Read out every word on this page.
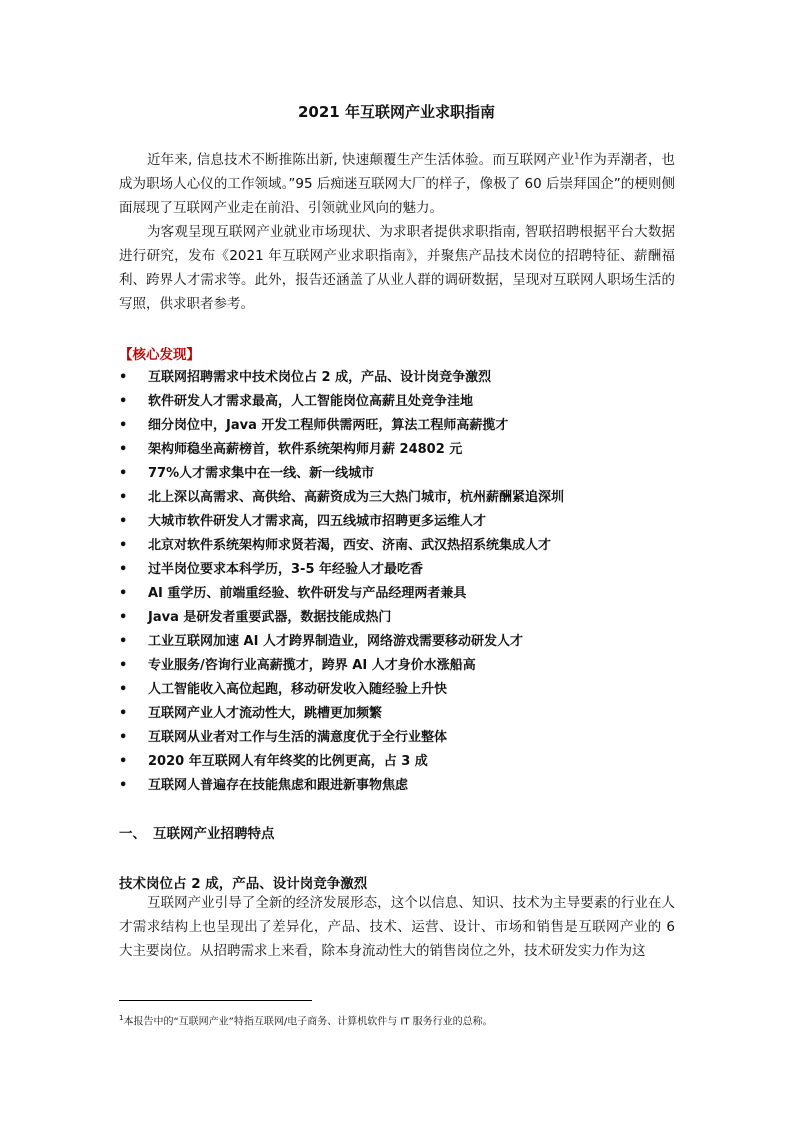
2021 年互联网产业求职指南

近年来, 信息技术不断推陈出新, 快速颠覆生产生活体验。而互联网产业$^1$作为弄潮者，也成为职场人心仪的工作领域。”95 后痴迷互联网大厂的样子，像极了 60 后崇拜国企”的梗则侧面展现了互联网产业走在前沿、引领就业风向的魅力。

为客观呈现互联网产业就业市场现状、为求职者提供求职指南, 智联招聘根据平台大数据进行研究，发布《2021 年互联网产业求职指南》，并聚焦产品技术岗位的招聘特征、薪酬福利、跨界人才需求等。此外，报告还涵盖了从业人群的调研数据，呈现对互联网人职场生活的写照，供求职者参考。

【核心发现】
• 互联网招聘需求中技术岗位占 2 成，产品、设计岗竞争激烈
• 软件研发人才需求最高，人工智能岗位高薪且处竞争洼地
• 细分岗位中，Java 开发工程师供需两旺，算法工程师高薪揽才
• 架构师稳坐高薪榜首，软件系统架构师月薪 24802 元
• 77%人才需求集中在一线、新一线城市
• 北上深以高需求、高供给、高薪资成为三大热门城市，杭州薪酬紧追深圳
• 大城市软件研发人才需求高，四五线城市招聘更多运维人才
• 北京对软件系统架构师求贤若渴，西安、济南、武汉热招系统集成人才
• 过半岗位要求本科学历，3-5 年经验人才最吃香
• AI 重学历、前端重经验、软件研发与产品经理两者兼具
• Java 是研发者重要武器，数据技能成热门
• 工业互联网加速 AI 人才跨界制造业，网络游戏需要移动研发人才
• 专业服务/咨询行业高薪揽才，跨界 AI 人才身价水涨船高
• 人工智能收入高位起跑，移动研发收入随经验上升快
• 互联网产业人才流动性大，跳槽更加频繁
• 互联网从业者对工作与生活的满意度优于全行业整体
• 2020 年互联网人有年终奖的比例更高，占 3 成
• 互联网人普遍存在技能焦虑和跟进新事物焦虑
一、 互联网产业招聘特点
技术岗位占 2 成，产品、设计岗竞争激烈

互联网产业引导了全新的经济发展形态，这个以信息、知识、技术为主导要素的行业在人才需求结构上也呈现出了差异化，产品、技术、运营、设计、市场和销售是互联网产业的 6 大主要岗位。从招聘需求上来看，除本身流动性大的销售岗位之外，技术研发实力作为这

$^1$本报告中的“互联网产业”特指互联网/电子商务、计算机软件与 IT 服务行业的总称。
